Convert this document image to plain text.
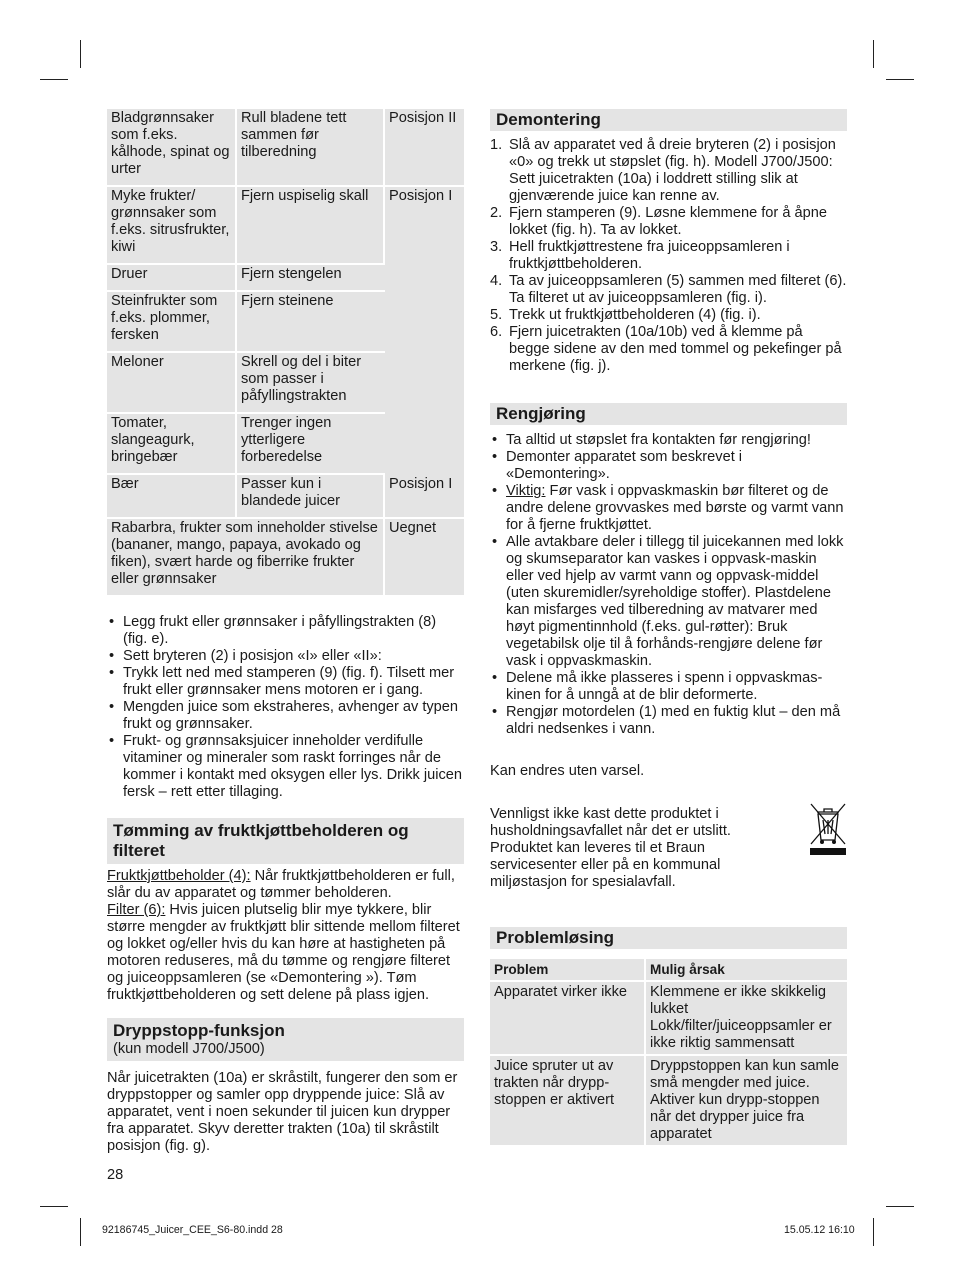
Bladgrønnsaker som f.eks. kålhode, spinat og urter	Rull bladene tett sammen før tilberedning	Posisjon II
Myke frukter/ grønnsaker som f.eks. sitrusfrukter, kiwi	Fjern uspiselig skall	Posisjon I
Druer	Fjern stengelen	
Steinfrukter som f.eks. plommer, fersken	Fjern steinene	
Meloner	Skrell og del i biter som passer i påfyllingstrakten	
Tomater, slangeagurk, bringebær	Trenger ingen ytterligere forberedelse	
Bær	Passer kun i blandede juicer	Posisjon I
Rabarbra, frukter som inneholder stivelse (bananer, mango, papaya, avokado og fiken), svært harde og fiberrike frukter eller grønnsaker		Uegnet
• Legg frukt eller grønnsaker i påfyllingstrakten (8) (fig. e).
• Sett bryteren (2) i posisjon «I» eller «II»:
• Trykk lett ned med stamperen (9) (fig. f). Tilsett mer frukt eller grønnsaker mens motoren er i gang.
• Mengden juice som ekstraheres, avhenger av typen frukt og grønnsaker.
• Frukt- og grønnsaksjuicer inneholder verdifulle vitaminer og mineraler som raskt forringes når de kommer i kontakt med oksygen eller lys. Drikk juicen fersk – rett etter tillaging.
Tømming av fruktkjøttbeholderen og filteret

Fruktkjøttbeholder (4): Når fruktkjøttbeholderen er full, slår du av apparatet og tømmer beholderen.
Filter (6): Hvis juicen plutselig blir mye tykkere, blir større mengder av fruktkjøtt blir sittende mellom filteret og lokket og/eller hvis du kan høre at hastigheten på motoren reduseres, må du tømme og rengjøre filteret og juiceoppsamleren (se «Demontering »). Tøm fruktkjøttbeholderen og sett delene på plass igjen.

Dryppstopp-funksjon
(kun modell J700/J500)

Når juicetrakten (10a) er skråstilt, fungerer den som er dryppstopper og samler opp dryppende juice: Slå av apparatet, vent i noen sekunder til juicen kun drypper fra apparatet. Skyv deretter trakten (10a) til skråstilt posisjon (fig. g).

28
Demontering
1. Slå av apparatet ved å dreie bryteren (2) i posisjon «0» og trekk ut støpslet (fig. h). Modell J700/J500: Sett juicetrakten (10a) i loddrett stilling slik at gjenværende juice kan renne av.
2. Fjern stamperen (9). Løsne klemmene for å åpne lokket (fig. h). Ta av lokket.
3. Hell fruktkjøttrestene fra juiceoppsamleren i fruktkjøttbeholderen.
4. Ta av juiceoppsamleren (5) sammen med filteret (6). Ta filteret ut av juiceoppsamleren (fig. i).
5. Trekk ut fruktkjøttbeholderen (4) (fig. i).
6. Fjern juicetrakten (10a/10b) ved å klemme på begge sidene av den med tommel og pekefinger på merkene (fig. j).
Rengjøring
• Ta alltid ut støpslet fra kontakten før rengjøring!
• Demonter apparatet som beskrevet i «Demontering».
• Viktig: Før vask i oppvaskmaskin bør filteret og de andre delene grovvaskes med børste og varmt vann for å fjerne fruktkjøttet.
• Alle avtakbare deler i tillegg til juicekannen med lokk og skumseparator kan vaskes i oppvask-maskin eller ved hjelp av varmt vann og oppvask-middel (uten skuremidler/syreholdige stoffer). Plastdelene kan misfarges ved tilberedning av matvarer med høyt pigmentinnhold (f.eks. gul-røtter): Bruk vegetabilsk olje til å forhånds-rengjøre delene før vask i oppvaskmaskin.
• Delene må ikke plasseres i spenn i oppvaskmas-kinen for å unngå at de blir deformerte.
• Rengjør motordelen (1) med en fuktig klut – den må aldri nedsenkes i vann.

Kan endres uten varsel.

Vennligst ikke kast dette produktet i husholdningsavfallet når det er utslitt. Produktet kan leveres til et Braun servicesenter eller på en kommunal miljøstasjon for spesialavfall.

Problemløsing
Problem	Mulig årsak
Apparatet virker ikke	Klemmene er ikke skikkelig lukket Lokk/filter/juiceoppsamler er ikke riktig sammensatt
Juice spruter ut av trakten når drypp-stoppen er aktivert	Dryppstoppen kan kun samle små mengder med juice. Aktiver kun drypp-stoppen når det drypper juice fra apparatet
92186745_Juicer_CEE_S6-80.indd 28	15.05.12 16:10
